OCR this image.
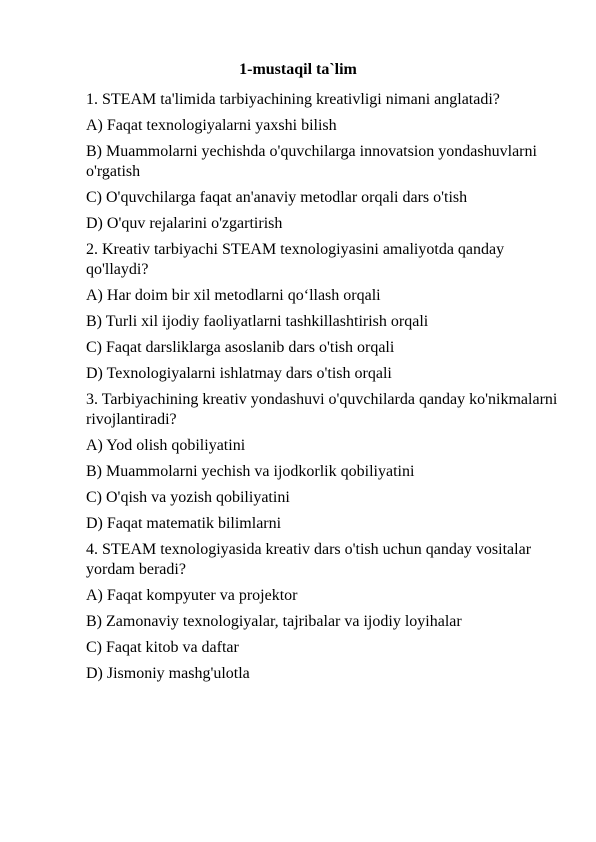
1-mustaqil ta`lim
1. STEAM ta'limida tarbiyachining kreativligi nimani anglatadi?
A) Faqat texnologiyalarni yaxshi bilish
B) Muammolarni yechishda o'quvchilarga innovatsion yondashuvlarni o'rgatish
C) O'quvchilarga faqat an'anaviy metodlar orqali dars o'tish
D) O'quv rejalarini o'zgartirish
2. Kreativ tarbiyachi STEAM texnologiyasini amaliyotda qanday qo'llaydi?
A) Har doim bir xil metodlarni qo‘llash orqali
B) Turli xil ijodiy faoliyatlarni tashkillashtirish orqali
C) Faqat darsliklarga asoslanib dars o'tish orqali
D) Texnologiyalarni ishlatmay dars o'tish orqali
3. Tarbiyachining kreativ yondashuvi o'quvchilarda qanday ko'nikmalarni rivojlantiradi?
A) Yod olish qobiliyatini
B) Muammolarni yechish va ijodkorlik qobiliyatini
C) O'qish va yozish qobiliyatini
D) Faqat matematik bilimlarni
4. STEAM texnologiyasida kreativ dars o'tish uchun qanday vositalar yordam beradi?
A) Faqat kompyuter va projektor
B) Zamonaviy texnologiyalar, tajribalar va ijodiy loyihalar
C) Faqat kitob va daftar
D) Jismoniy mashg'ulotla
